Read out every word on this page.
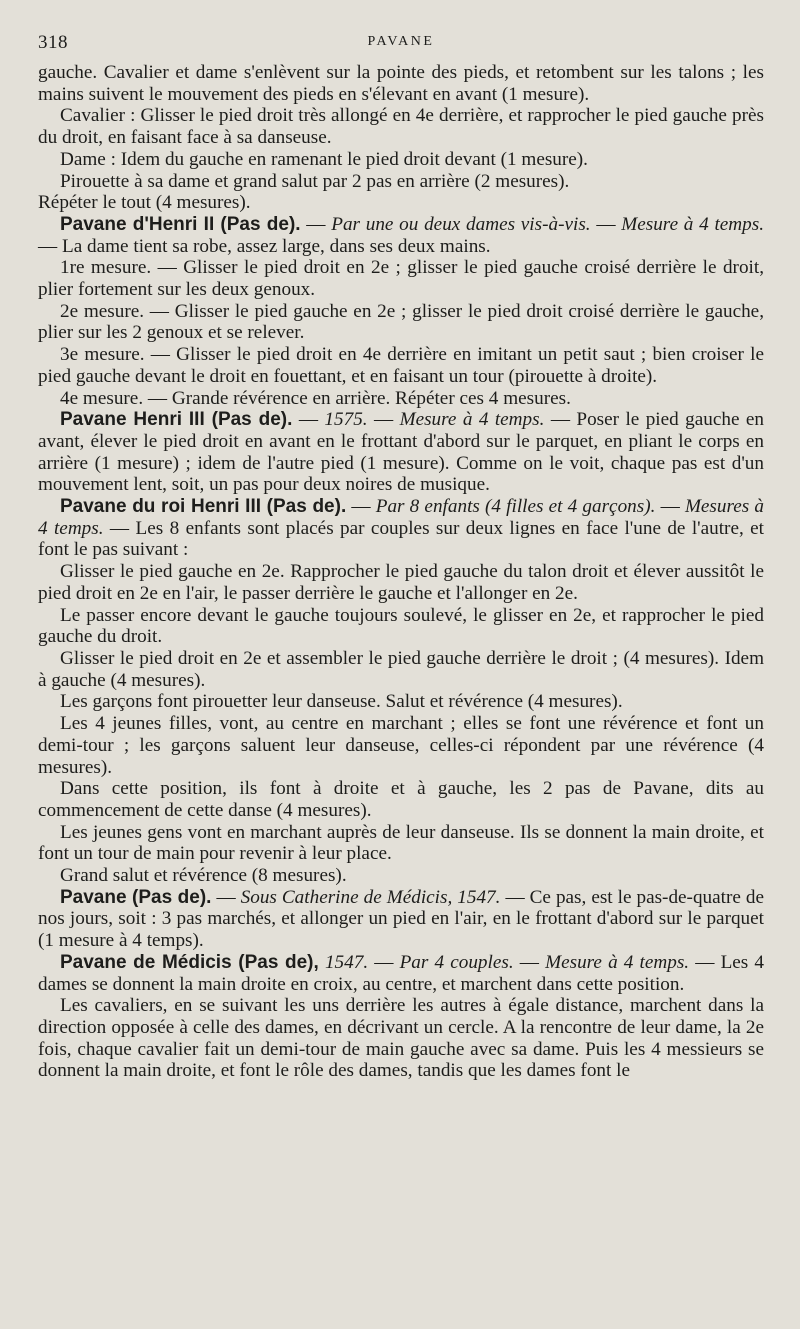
318	PAVANE

gauche. Cavalier et dame s'enlèvent sur la pointe des pieds, et retombent sur les talons ; les mains suivent le mouvement des pieds en s'élevant en avant (1 mesure).

Cavalier : Glisser le pied droit très allongé en 4e derrière, et rapprocher le pied gauche près du droit, en faisant face à sa danseuse.

Dame : Idem du gauche en ramenant le pied droit devant (1 mesure).

Pirouette à sa dame et grand salut par 2 pas en arrière (2 mesures).

Répéter le tout (4 mesures).

Pavane d'Henri II (Pas de). — Par une ou deux dames vis-à-vis. — Mesure à 4 temps. — La dame tient sa robe, assez large, dans ses deux mains.

1re mesure. — Glisser le pied droit en 2e ; glisser le pied gauche croisé derrière le droit, plier fortement sur les deux genoux.

2e mesure. — Glisser le pied gauche en 2e ; glisser le pied droit croisé derrière le gauche, plier sur les 2 genoux et se relever.

3e mesure. — Glisser le pied droit en 4e derrière en imitant un petit saut ; bien croiser le pied gauche devant le droit en fouettant, et en faisant un tour (pirouette à droite).

4e mesure. — Grande révérence en arrière. Répéter ces 4 mesures.

Pavane Henri III (Pas de). — 1575. — Mesure à 4 temps. — Poser le pied gauche en avant, élever le pied droit en avant en le frottant d'abord sur le parquet, en pliant le corps en arrière (1 mesure) ; idem de l'autre pied (1 mesure). Comme on le voit, chaque pas est d'un mouvement lent, soit, un pas pour deux noires de musique.

Pavane du roi Henri III (Pas de). — Par 8 enfants (4 filles et 4 garçons). — Mesures à 4 temps. — Les 8 enfants sont placés par couples sur deux lignes en face l'une de l'autre, et font le pas suivant :

Glisser le pied gauche en 2e. Rapprocher le pied gauche du talon droit et élever aussitôt le pied droit en 2e en l'air, le passer derrière le gauche et l'allonger en 2e.

Le passer encore devant le gauche toujours soulevé, le glisser en 2e, et rapprocher le pied gauche du droit.

Glisser le pied droit en 2e et assembler le pied gauche derrière le droit ; (4 mesures). Idem à gauche (4 mesures).

Les garçons font pirouetter leur danseuse. Salut et révérence (4 mesures).

Les 4 jeunes filles, vont, au centre en marchant ; elles se font une révérence et font un demi-tour ; les garçons saluent leur danseuse, celles-ci répondent par une révérence (4 mesures).

Dans cette position, ils font à droite et à gauche, les 2 pas de Pavane, dits au commencement de cette danse (4 mesures).

Les jeunes gens vont en marchant auprès de leur danseuse. Ils se donnent la main droite, et font un tour de main pour revenir à leur place.

Grand salut et révérence (8 mesures).

Pavane (Pas de). — Sous Catherine de Médicis, 1547. — Ce pas, est le pas-de-quatre de nos jours, soit : 3 pas marchés, et allonger un pied en l'air, en le frottant d'abord sur le parquet (1 mesure à 4 temps).

Pavane de Médicis (Pas de), 1547. — Par 4 couples. — Mesure à 4 temps. — Les 4 dames se donnent la main droite en croix, au centre, et marchent dans cette position.

Les cavaliers, en se suivant les uns derrière les autres à égale distance, marchent dans la direction opposée à celle des dames, en décrivant un cercle. A la rencontre de leur dame, la 2e fois, chaque cavalier fait un demi-tour de main gauche avec sa dame. Puis les 4 messieurs se donnent la main droite, et font le rôle des dames, tandis que les dames font le
